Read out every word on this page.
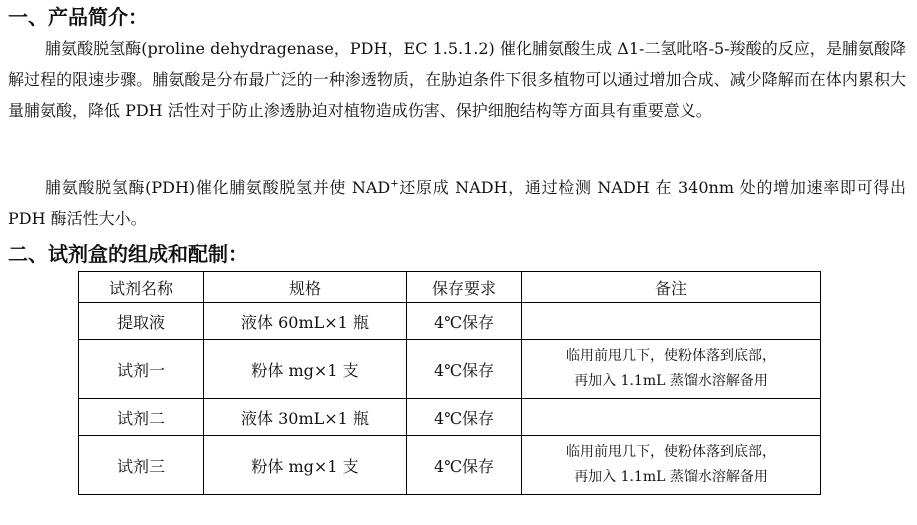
一、产品简介：

脯氨酸脱氢酶(proline dehydragenase，PDH，EC 1.5.1.2) 催化脯氨酸生成 Δ1-二氢吡咯-5-羧酸的反应，是脯氨酸降解过程的限速步骤。脯氨酸是分布最广泛的一种渗透物质，在胁迫条件下很多植物可以通过增加合成、减少降解而在体内累积大量脯氨酸，降低 PDH 活性对于防止渗透胁迫对植物造成伤害、保护细胞结构等方面具有重要意义。

脯氨酸脱氢酶(PDH)催化脯氨酸脱氢并使 NAD+还原成 NADH，通过检测 NADH 在 340nm 处的增加速率即可得出 PDH 酶活性大小。

二、试剂盒的组成和配制：
试剂名称	规格	保存要求	备注
提取液	液体 60mL×1 瓶	4℃保存	
试剂一	粉体 mg×1 支	4℃保存	临用前甩几下，使粉体落到底部，
再加入 1.1mL 蒸馏水溶解备用

试剂二	液体 30mL×1 瓶	4℃保存	
试剂三	粉体 mg×1 支	4℃保存	临用前甩几下，使粉体落到底部，
再加入 1.1mL 蒸馏水溶解备用
